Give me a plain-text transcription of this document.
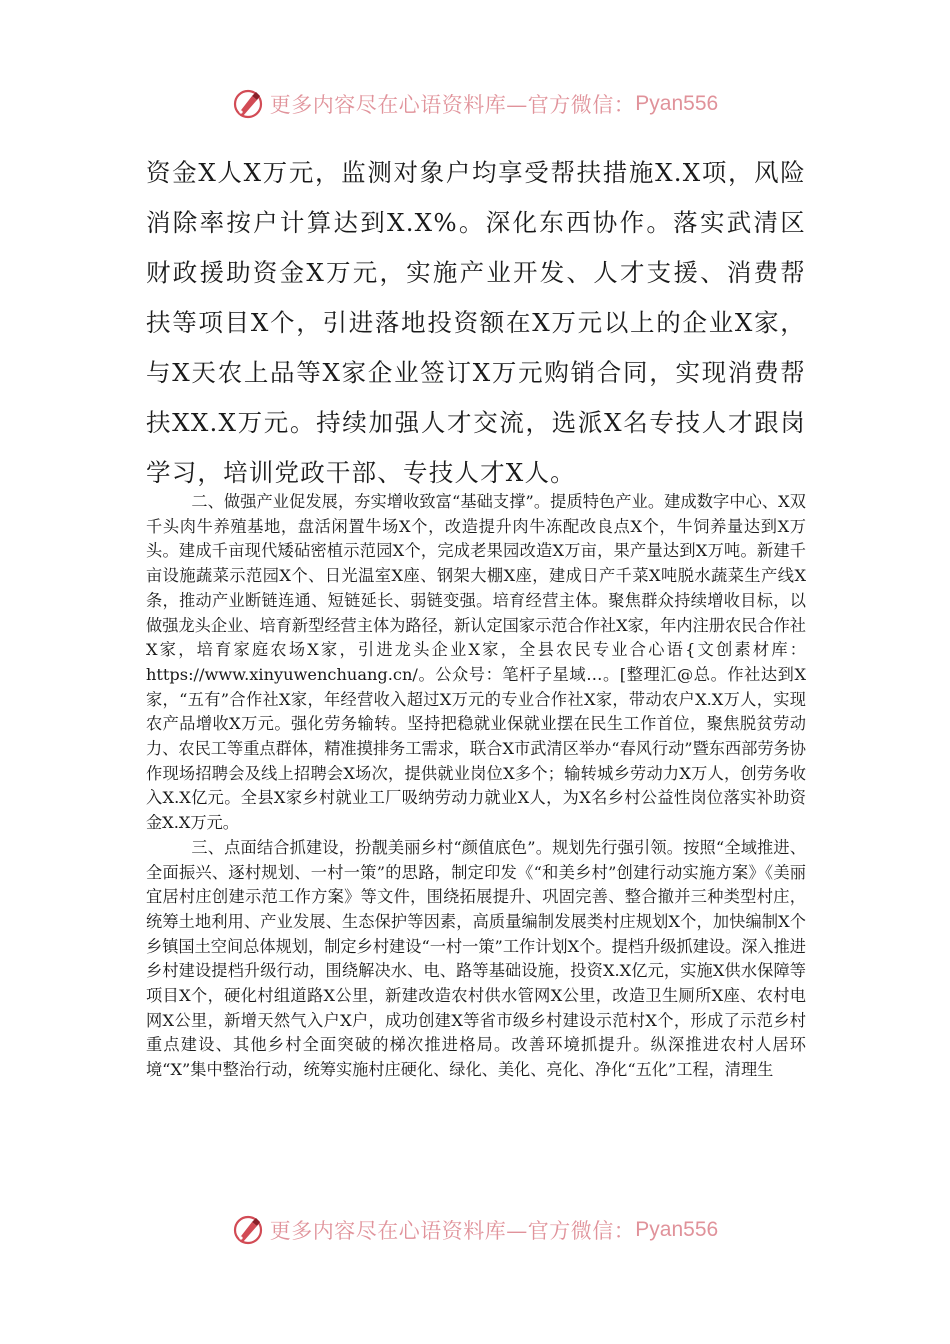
更多内容尽在心语资料库—官方微信： Pyan556

资金X人X万元，监测对象户均享受帮扶措施X.X项，风险消除率按户计算达到X.X%。深化东西协作。落实武清区财政援助资金X万元，实施产业开发、人才支援、消费帮扶等项目X个，引进落地投资额在X万元以上的企业X家，与X天农上品等X家企业签订X万元购销合同，实现消费帮扶XX.X万元。持续加强人才交流，选派X名专技人才跟岗学习，培训党政干部、专技人才X人。

二、做强产业促发展，夯实增收致富“基础支撑”。提质特色产业。建成数字中心、X双千头肉牛养殖基地，盘活闲置牛场X个，改造提升肉牛冻配改良点X个，牛饲养量达到X万头。建成千亩现代矮砧密植示范园X个，完成老果园改造X万亩，果产量达到X万吨。新建千亩设施蔬菜示范园X个、日光温室X座、钢架大棚X座，建成日产千菜X吨脱水蔬菜生产线X条，推动产业断链连通、短链延长、弱链变强。培育经营主体。聚焦群众持续增收目标，以做强龙头企业、培育新型经营主体为路径，新认定国家示范合作社X家，年内注册农民合作社X家，培育家庭农场X家，引进龙头企业X家，全县农民专业合心语{文创素材库：https://www.xinyuwenchuang.cn/。公众号：笔杆子星域…。[整理汇@总。作社达到X家，“五有”合作社X家，年经营收入超过X万元的专业合作社X家，带动农户X.X万人，实现农产品增收X万元。强化劳务输转。坚持把稳就业保就业摆在民生工作首位，聚焦脱贫劳动力、农民工等重点群体，精准摸排务工需求，联合X市武清区举办“春风行动”暨东西部劳务协作现场招聘会及线上招聘会X场次，提供就业岗位X多个；输转城乡劳动力X万人，创劳务收入X.X亿元。全县X家乡村就业工厂吸纳劳动力就业X人，为X名乡村公益性岗位落实补助资金X.X万元。

三、点面结合抓建设，扮靓美丽乡村“颜值底色”。规划先行强引领。按照“全域推进、全面振兴、逐村规划、一村一策”的思路，制定印发《“和美乡村”创建行动实施方案》《美丽宜居村庄创建示范工作方案》等文件，围绕拓展提升、巩固完善、整合撤并三种类型村庄，统筹土地利用、产业发展、生态保护等因素，高质量编制发展类村庄规划X个，加快编制X个乡镇国土空间总体规划，制定乡村建设“一村一策”工作计划X个。提档升级抓建设。深入推进乡村建设提档升级行动，围绕解决水、电、路等基础设施，投资X.X亿元，实施X供水保障等项目X个，硬化村组道路X公里，新建改造农村供水管网X公里，改造卫生厕所X座、农村电网X公里，新增天然气入户X户，成功创建X等省市级乡村建设示范村X个，形成了示范乡村重点建设、其他乡村全面突破的梯次推进格局。改善环境抓提升。纵深推进农村人居环境“X”集中整治行动，统筹实施村庄硬化、绿化、美化、亮化、净化“五化”工程，清理生

更多内容尽在心语资料库—官方微信： Pyan556
